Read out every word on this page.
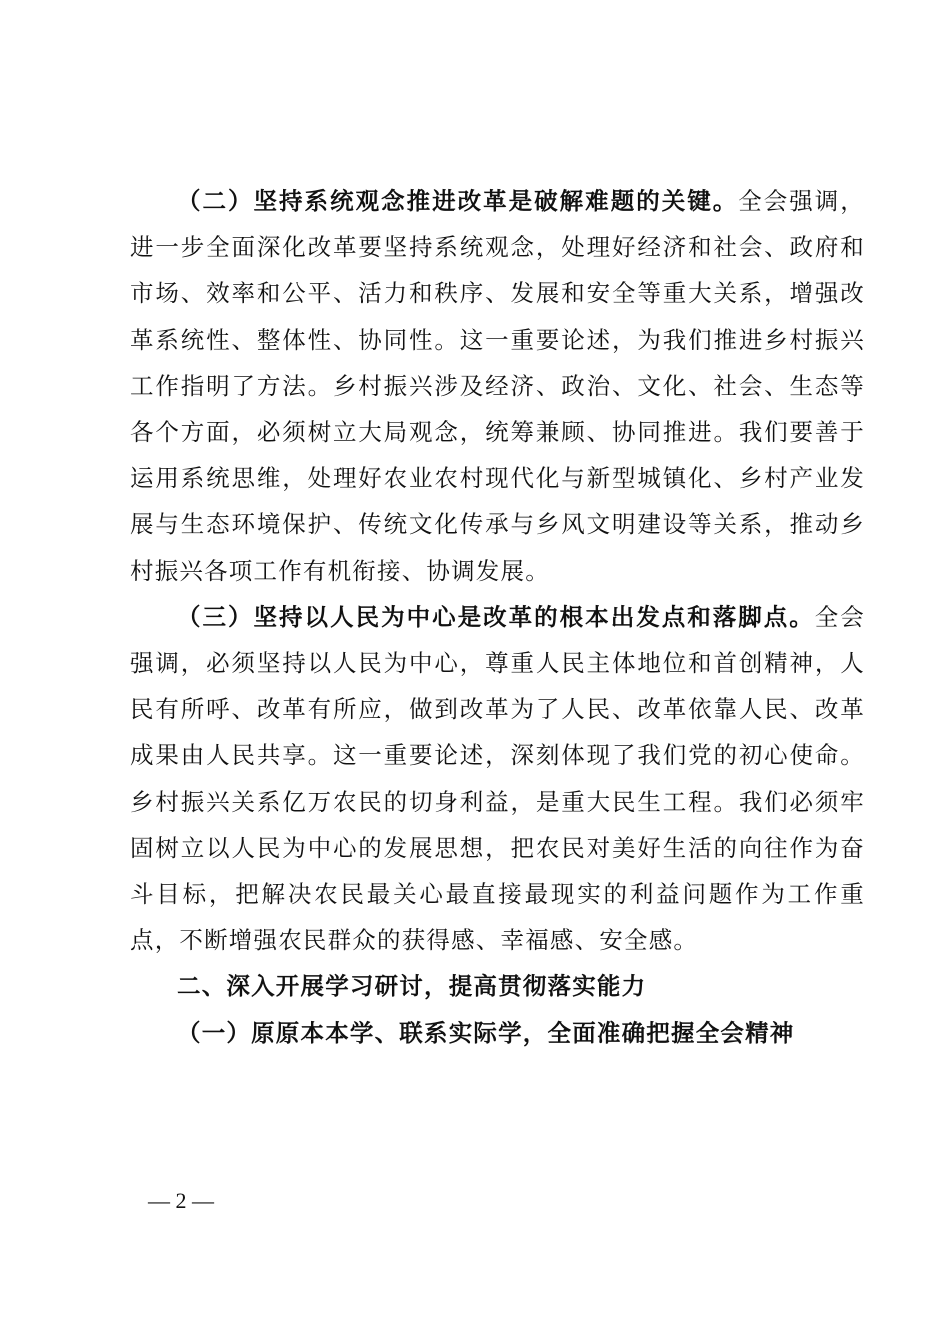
（二）坚持系统观念推进改革是破解难题的关键。全会强调，进一步全面深化改革要坚持系统观念，处理好经济和社会、政府和市场、效率和公平、活力和秩序、发展和安全等重大关系，增强改革系统性、整体性、协同性。这一重要论述，为我们推进乡村振兴工作指明了方法。乡村振兴涉及经济、政治、文化、社会、生态等各个方面，必须树立大局观念，统筹兼顾、协同推进。我们要善于运用系统思维，处理好农业农村现代化与新型城镇化、乡村产业发展与生态环境保护、传统文化传承与乡风文明建设等关系，推动乡村振兴各项工作有机衔接、协调发展。

（三）坚持以人民为中心是改革的根本出发点和落脚点。全会强调，必须坚持以人民为中心，尊重人民主体地位和首创精神，人民有所呼、改革有所应，做到改革为了人民、改革依靠人民、改革成果由人民共享。这一重要论述，深刻体现了我们党的初心使命。乡村振兴关系亿万农民的切身利益，是重大民生工程。我们必须牢固树立以人民为中心的发展思想，把农民对美好生活的向往作为奋斗目标，把解决农民最关心最直接最现实的利益问题作为工作重点，不断增强农民群众的获得感、幸福感、安全感。

二、深入开展学习研讨，提高贯彻落实能力

（一）原原本本学、联系实际学，全面准确把握全会精神

— 2 —
